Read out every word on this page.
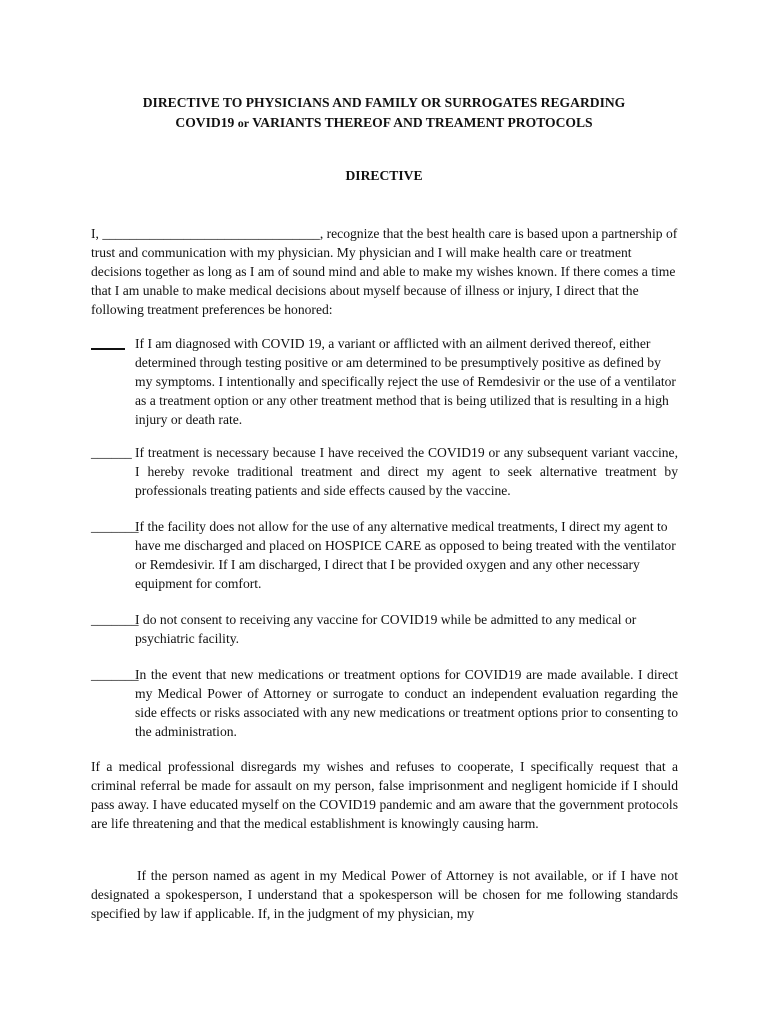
DIRECTIVE TO PHYSICIANS AND FAMILY OR SURROGATES REGARDING
COVID19 or VARIANTS THEREOF AND TREAMENT PROTOCOLS
DIRECTIVE

I, ________________________________, recognize that the best health care is based upon a partnership of trust and communication with my physician. My physician and I will make health care or treatment decisions together as long as I am of sound mind and able to make my wishes known. If there comes a time that I am unable to make medical decisions about myself because of illness or injury, I direct that the following treatment preferences be honored:

If I am diagnosed with COVID 19, a variant or afflicted with an ailment derived thereof, either determined through testing positive or am determined to be presumptively positive as defined by my symptoms. I intentionally and specifically reject the use of Remdesivir or the use of a ventilator as a treatment option or any other treatment method that is being utilized that is resulting in a high injury or death rate.

______ If treatment is necessary because I have received the COVID19 or any subsequent variant vaccine, I hereby revoke traditional treatment and direct my agent to seek alternative treatment by professionals treating patients and side effects caused by the vaccine.

_______

If the facility does not allow for the use of any alternative medical treatments, I direct my agent to have me discharged and placed on HOSPICE CARE as opposed to being treated with the ventilator or Remdesivir. If I am discharged, I direct that I be provided oxygen and any other necessary equipment for comfort.

_______

I do not consent to receiving any vaccine for COVID19 while be admitted to any medical or psychiatric facility.

_______

In the event that new medications or treatment options for COVID19 are made available. I direct my Medical Power of Attorney or surrogate to conduct an independent evaluation regarding the side effects or risks associated with any new medications or treatment options prior to consenting to the administration.

If a medical professional disregards my wishes and refuses to cooperate, I specifically request that a criminal referral be made for assault on my person, false imprisonment and negligent homicide if I should pass away. I have educated myself on the COVID19 pandemic and am aware that the government protocols are life threatening and that the medical establishment is knowingly causing harm.

If the person named as agent in my Medical Power of Attorney is not available, or if I have not designated a spokesperson, I understand that a spokesperson will be chosen for me following standards specified by law if applicable. If, in the judgment of my physician, my
